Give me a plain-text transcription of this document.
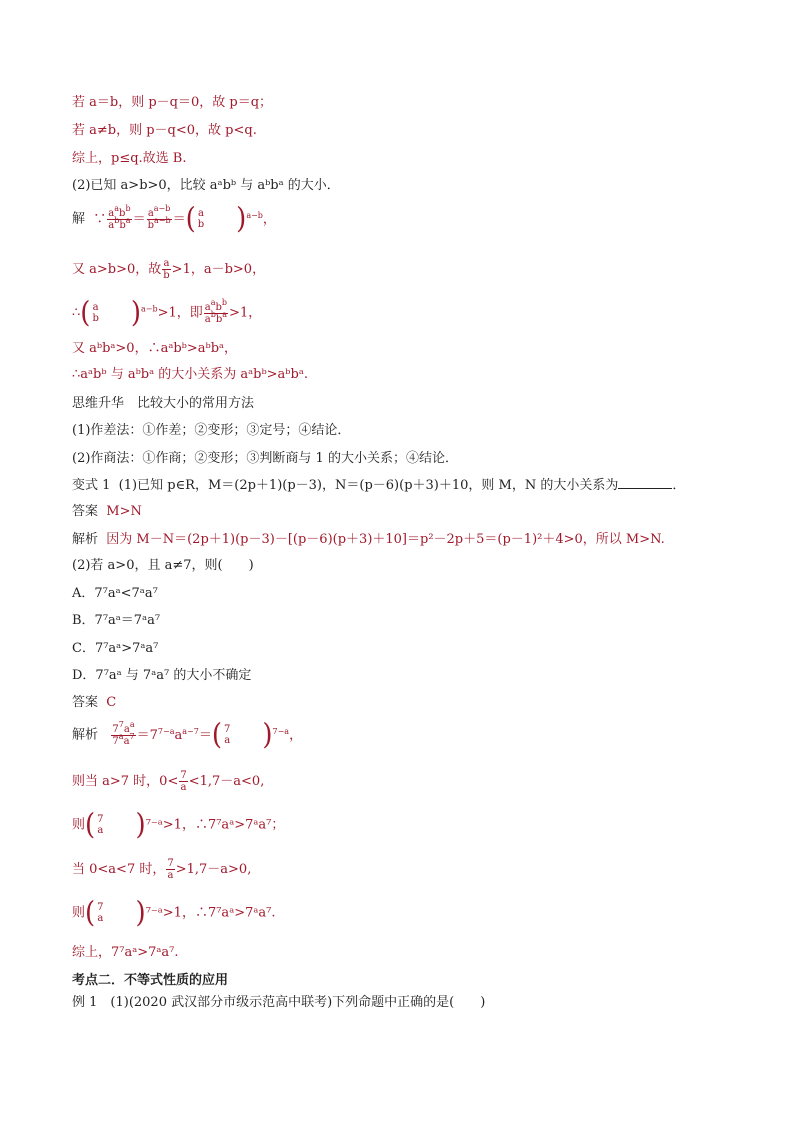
若 a＝b，则 p－q＝0，故 p＝q；
若 a≠b，则 p－q<0，故 p<q.
综上，p≤q.故选 B.
(2)已知 a>b>0，比较 aᵃbᵇ 与 aᵇbᵃ 的大小．
解  ∵ $\frac{a^ab^b}{a^bb^a} = \frac{a^{a-b}}{b^{a-b}}$ ＝( a
b )$^{a-b}$，
又 a>b>0，故 $\frac{a}{b} >1$，a－b>0，
∴( a
b )$^{a-b}$>1，即 $\frac{a^ab^b}{a^bb^a} >1$，
又 aᵇbᵃ>0，∴aᵃbᵇ>aᵇbᵃ，
∴aᵃbᵇ 与 aᵇbᵃ 的大小关系为 aᵃbᵇ>aᵇbᵃ.
思维升华　比较大小的常用方法
(1)作差法：①作差；②变形；③定号；④结论．
(2)作商法：①作商；②变形；③判断商与 1 的大小关系；④结论．
变式 1 (1)已知 p∈R，M＝(2p＋1)(p－3)，N＝(p－6)(p＋3)＋10，则 M，N 的大小关系为	．
答案 M>N
解析 因为 M－N＝(2p＋1)(p－3)－[(p－6)(p＋3)＋10]＝p²－2p＋5＝(p－1)²＋4>0，所以 M>N.
(2)若 a>0，且 a≠7，则(　　)
A．7⁷aᵃ<7ᵃa⁷
B．7⁷aᵃ＝7ᵃa⁷
C．7⁷aᵃ>7ᵃa⁷
D．7⁷aᵃ 与 7ᵃa⁷ 的大小不确定
答案 C
解析 $\frac{7^7a^a}{7^aa^7} =7^{7-a}a^{a-7}=$( 7
a )$^{7-a}$，
则当 a>7 时，$0< \frac{7}{a} <1,7-a<0$,
则( 7
a )⁷⁻ᵃ>1，∴7⁷aᵃ>7ᵃa⁷；
当 0<a<7 时， $\frac{7}{a} >1,7-a>0$,
则( 7
a )⁷⁻ᵃ>1，∴7⁷aᵃ>7ᵃa⁷.
综上，7⁷aᵃ>7ᵃa⁷.
考点二．不等式性质的应用
例 1　(1)(2020 武汉部分市级示范高中联考)下列命题中正确的是(　　)
